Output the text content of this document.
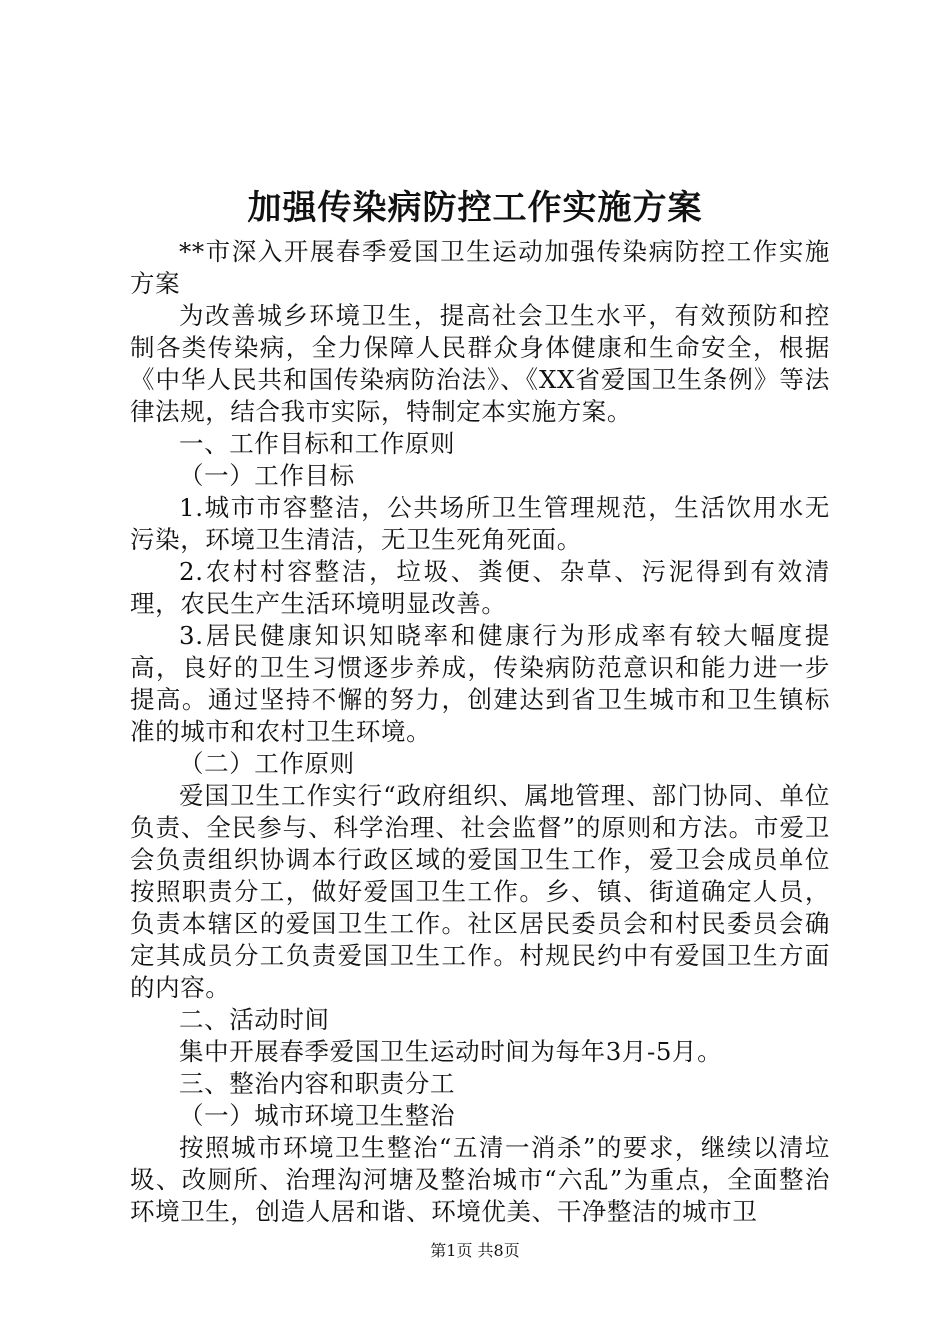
加强传染病防控工作实施方案

**市深入开展春季爱国卫生运动加强传染病防控工作实施方案

为改善城乡环境卫生，提高社会卫生水平，有效预防和控制各类传染病，全力保障人民群众身体健康和生命安全，根据《中华人民共和国传染病防治法》、《XX省爱国卫生条例》等法律法规，结合我市实际，特制定本实施方案。

一、工作目标和工作原则

（一）工作目标

1.城市市容整洁，公共场所卫生管理规范，生活饮用水无污染，环境卫生清洁，无卫生死角死面。

2.农村村容整洁，垃圾、粪便、杂草、污泥得到有效清理，农民生产生活环境明显改善。

3.居民健康知识知晓率和健康行为形成率有较大幅度提高，良好的卫生习惯逐步养成，传染病防范意识和能力进一步提高。通过坚持不懈的努力，创建达到省卫生城市和卫生镇标准的城市和农村卫生环境。

（二）工作原则

爱国卫生工作实行“政府组织、属地管理、部门协同、单位负责、全民参与、科学治理、社会监督”的原则和方法。市爱卫会负责组织协调本行政区域的爱国卫生工作，爱卫会成员单位按照职责分工，做好爱国卫生工作。乡、镇、街道确定人员，负责本辖区的爱国卫生工作。社区居民委员会和村民委员会确定其成员分工负责爱国卫生工作。村规民约中有爱国卫生方面的内容。

二、活动时间

集中开展春季爱国卫生运动时间为每年3月-5月。

三、整治内容和职责分工

（一）城市环境卫生整治

按照城市环境卫生整治“五清一消杀”的要求，继续以清垃圾、改厕所、治理沟河塘及整治城市“六乱”为重点，全面整治环境卫生，创造人居和谐、环境优美、干净整洁的城市卫

第1页 共8页
